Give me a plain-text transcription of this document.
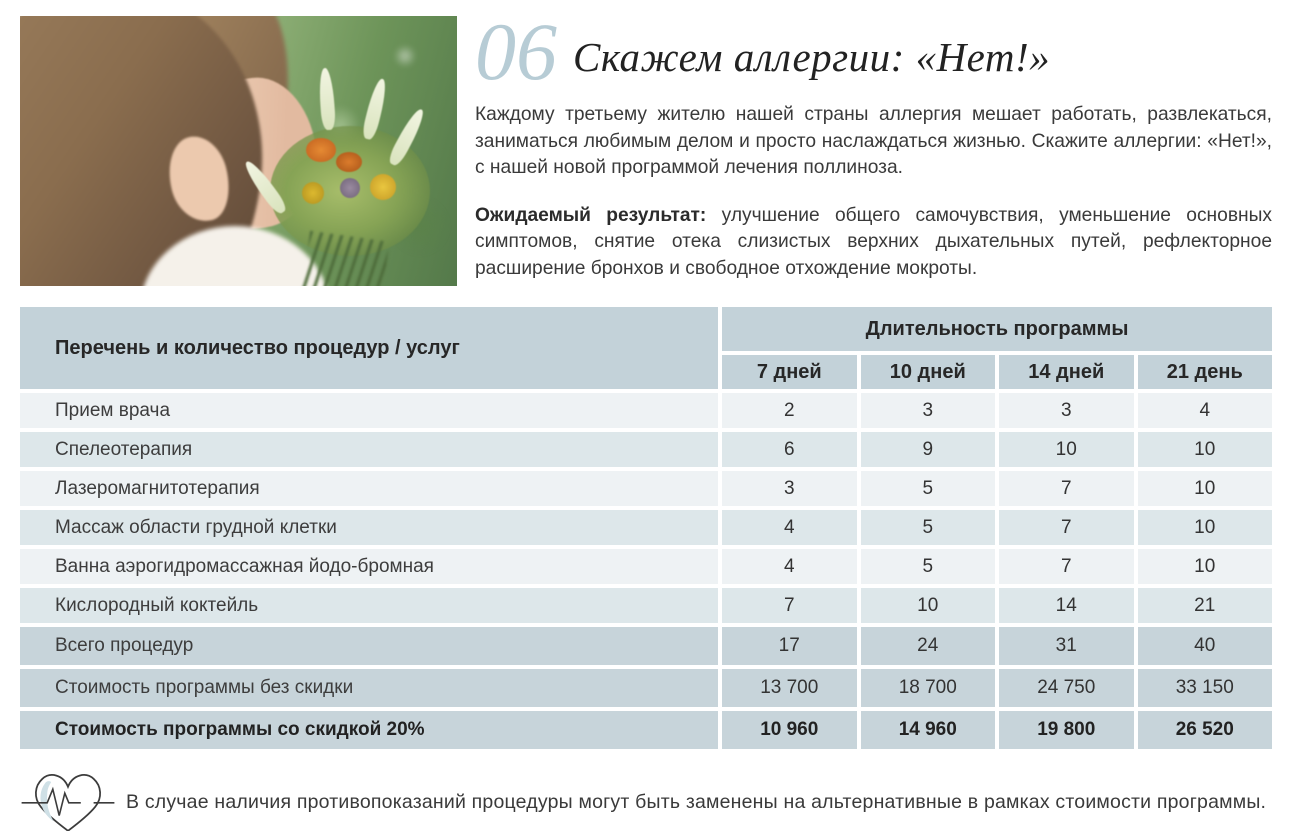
06 Скажем аллергии: «Нет!»

Каждому третьему жителю нашей страны аллергия мешает работать, развлекаться, заниматься любимым делом и просто наслаждаться жизнью. Скажите аллергии: «Нет!», с нашей новой программой лечения поллиноза.

Ожидаемый результат: улучшение общего самочувствия, уменьшение основных симптомов, снятие отека слизистых верхних дыхательных путей, рефлекторное расширение бронхов и свободное отхождение мокроты.

Перечень и количество процедур / услуг
Длительность программы
7 дней	10 дней	14 дней	21 день
Прием врача	2	3	3	4
Спелеотерапия	6	9	10	10
Лазеромагнитотерапия	3	5	7	10
Массаж области грудной клетки	4	5	7	10
Ванна аэрогидромассажная йодо-бромная	4	5	7	10
Кислородный коктейль	7	10	14	21
Всего процедур	17	24	31	40
Стоимость программы без скидки	13 700	18 700	24 750	33 150
Стоимость программы со скидкой 20%	10 960	14 960	19 800	26 520
В случае наличия противопоказаний процедуры могут быть заменены на альтернативные в рамках стоимости программы.
